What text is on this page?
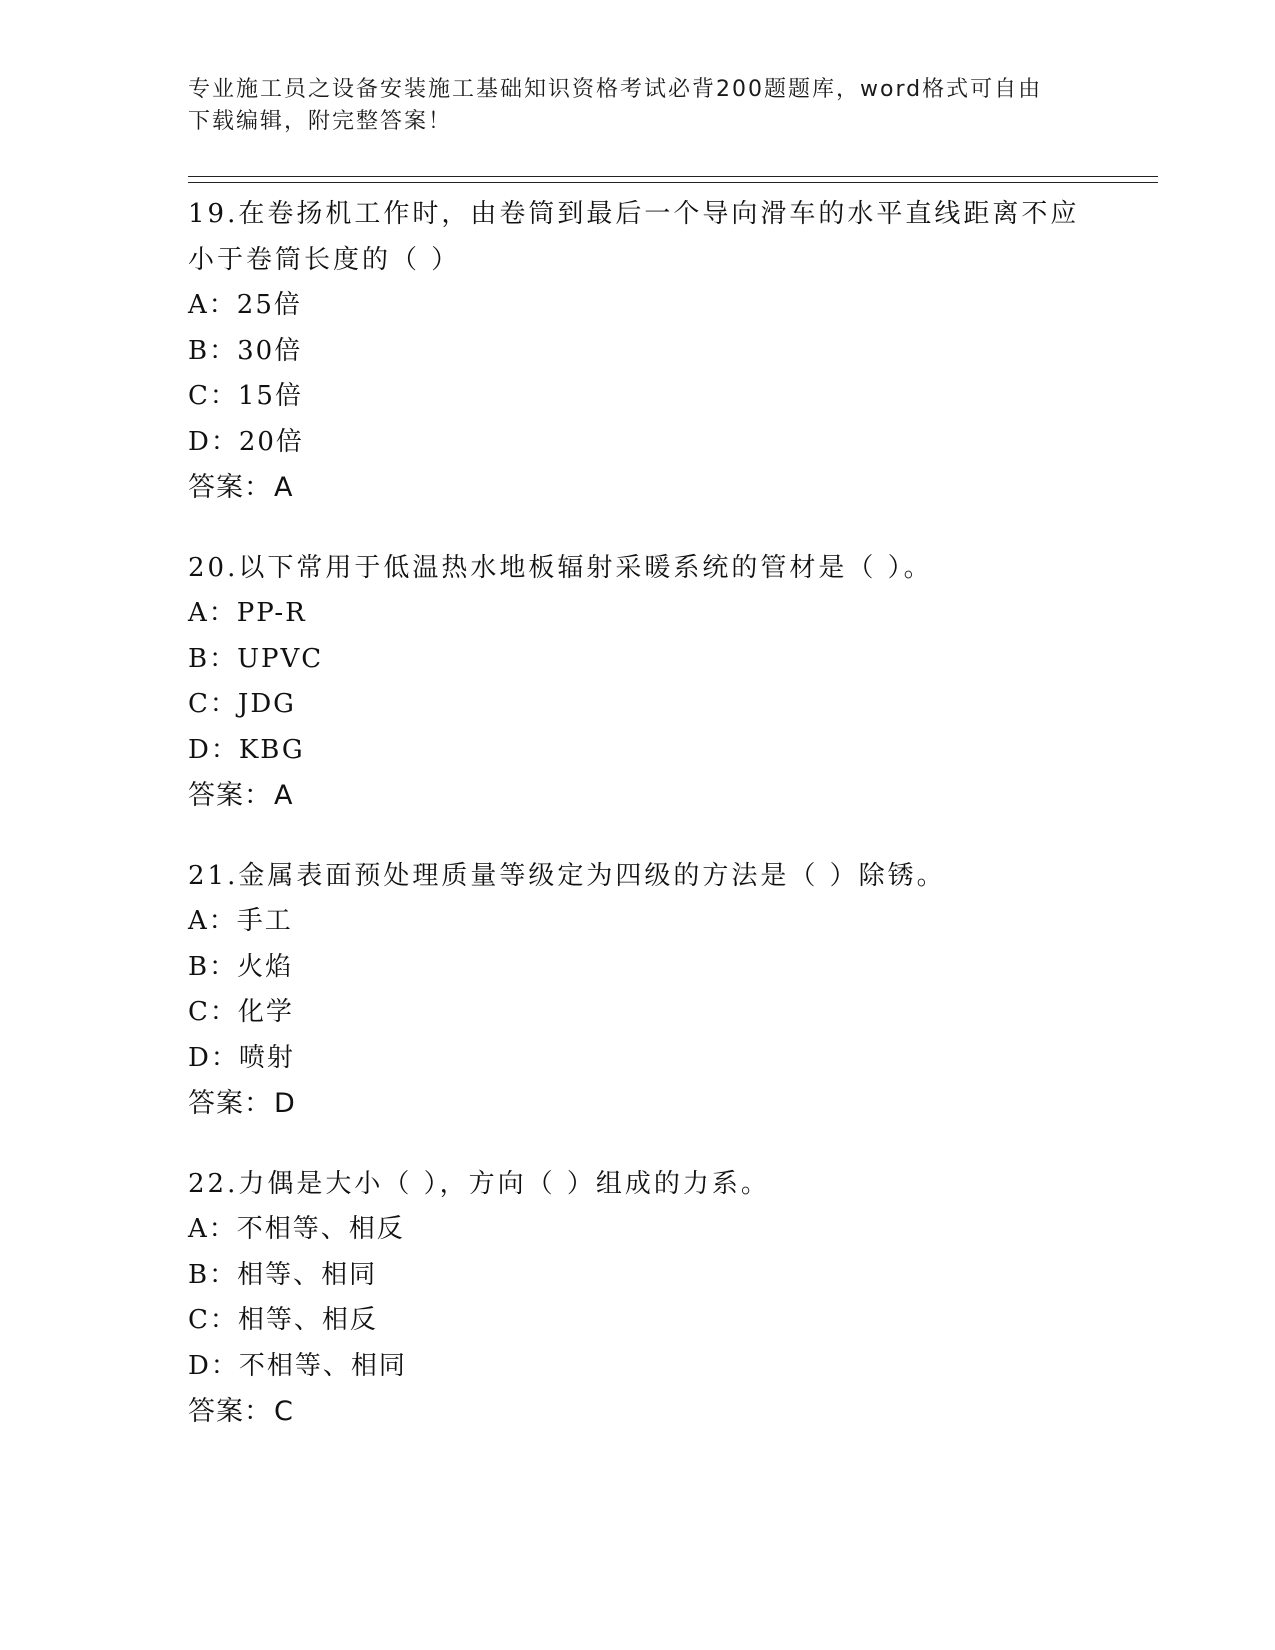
专业施工员之设备安装施工基础知识资格考试必背200题题库，word格式可自由
下载编辑，附完整答案！
19.在卷扬机工作时，由卷筒到最后一个导向滑车的水平直线距离不应
小于卷筒长度的（ ）
A：25倍
B：30倍
C：15倍
D：20倍
答案：A
20.以下常用于低温热水地板辐射采暖系统的管材是（ ）。
A：PP-R
B：UPVC
C：JDG
D：KBG
答案：A
21.金属表面预处理质量等级定为四级的方法是（ ）除锈。
A：手工
B：火焰
C：化学
D：喷射
答案：D
22.力偶是大小（ ），方向（ ）组成的力系。
A：不相等、相反
B：相等、相同
C：相等、相反
D：不相等、相同
答案：C
